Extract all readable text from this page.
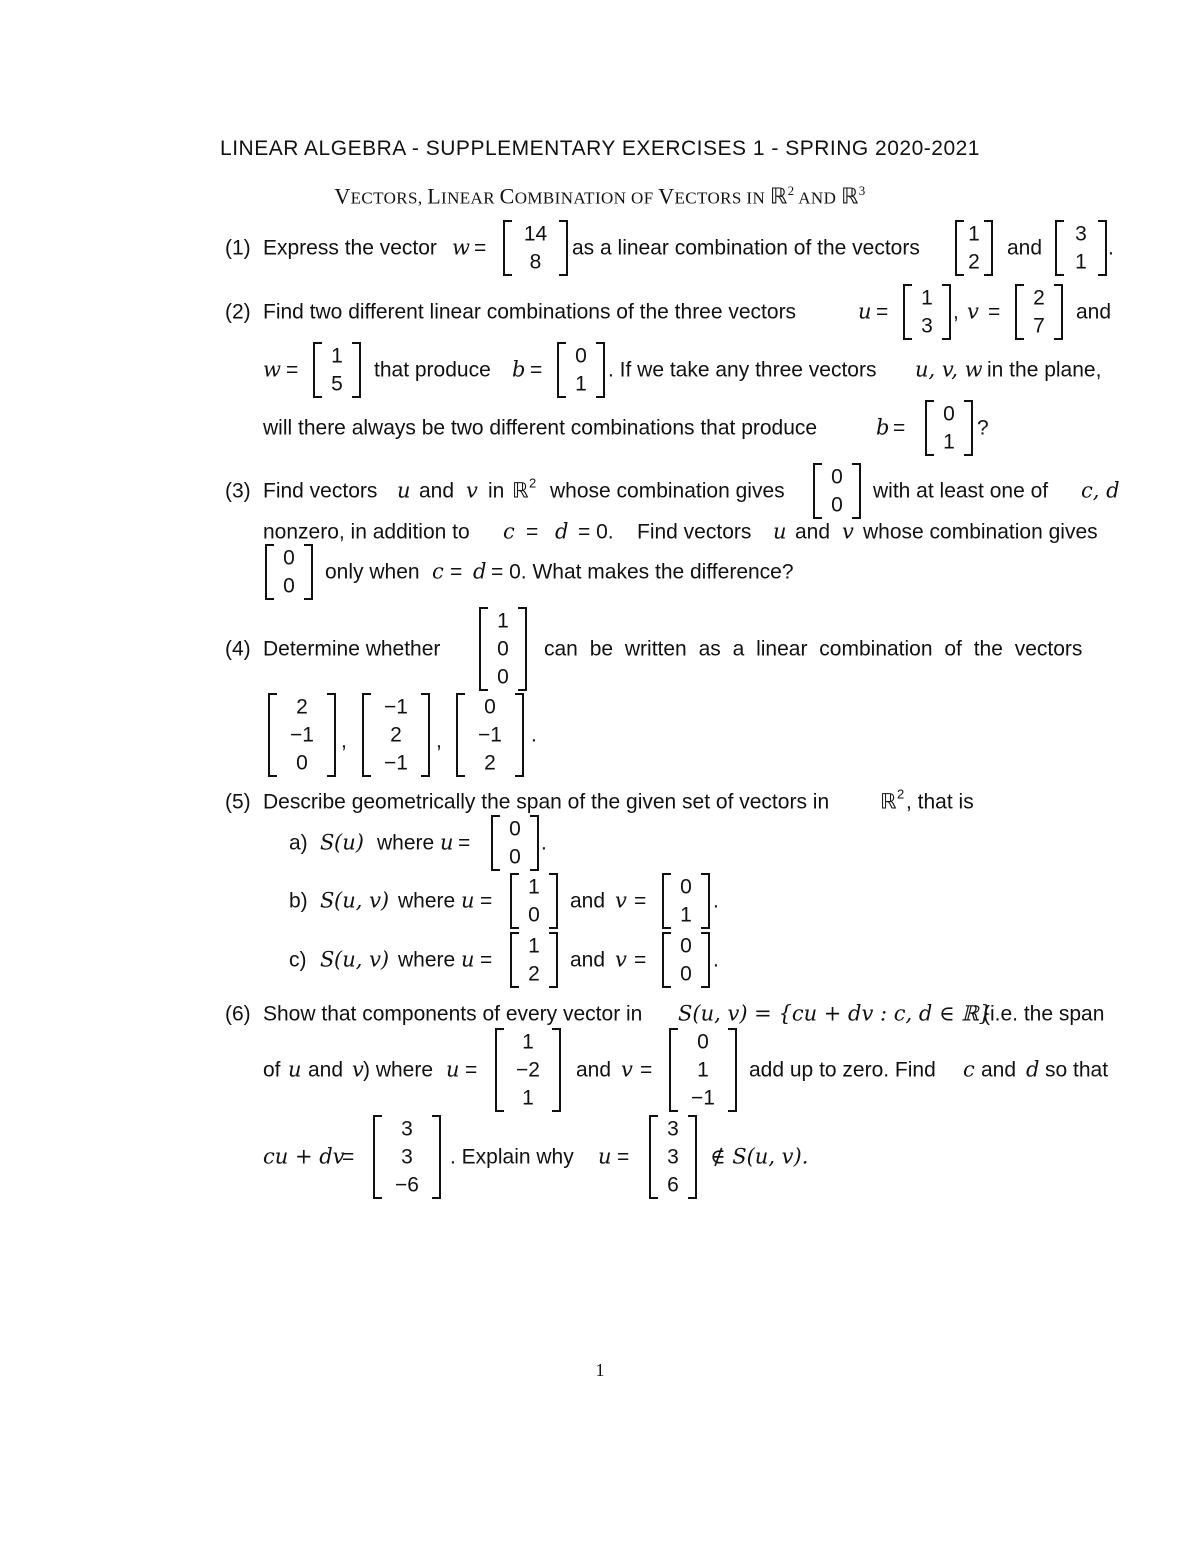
LINEAR ALGEBRA - SUPPLEMENTARY EXERCISES 1 - SPRING 2020-2021
VECTORS, LINEAR COMBINATION OF VECTORS IN ℝ$^2$ AND ℝ$^3$
(1) Express the vector w =
14
8
as a linear combination of the vectors
1
2
and
3
1
.
(2) Find two different linear combinations of the three vectors	u =
1
3
, v =
2
7
and
w =
1
5
that produce b =
0
1
. If we take any three vectors u, v, w in the plane,
will there always be two different combinations that produce	b =
0
1
?
(3) Find vectors u and v in ℝ 2 whose combination gives
0
0
with at least one of c, d
nonzero, in addition to c = d = 0. Find vectors u and v whose combination gives
0
0
only when c = d = 0. What makes the difference?
(4) Determine whether
1
0
0
can be written as a linear combination of the vectors
2
−1
0
,
−1
2
−1
,
0
−1
2
.
(5) Describe geometrically the span of the given set of vectors in ℝ 2 , that is
a) S (u) where u =
0
0
.
b) S (u, v) where u =
1
0
and v =
0
1
.
c) S (u, v) where u =
1
2
and v =
0
0
.
(6) Show that components of every vector in S(u, v) = {cu + dv : c, d ∈ ℝ}
(i.e. the span
of u and v ) where u =
1
−2
1
and v =
0
1
−1
add up to zero. Find c and d so that
cu + dv
=
3
3
−6
. Explain why u =
3
3
6
∉ S(u, v).
1
